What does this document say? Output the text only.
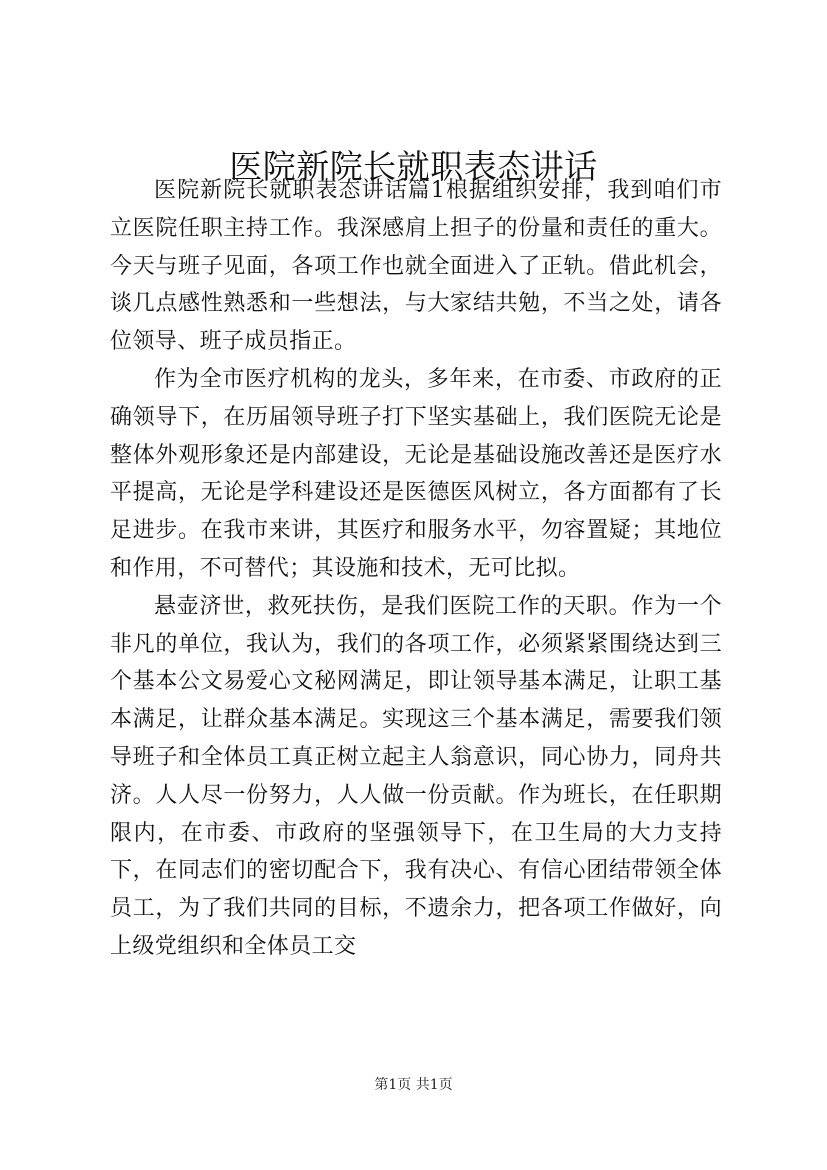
医院新院长就职表态讲话

医院新院长就职表态讲话篇1根据组织安排，我到咱们市立医院任职主持工作。我深感肩上担子的份量和责任的重大。今天与班子见面，各项工作也就全面进入了正轨。借此机会，谈几点感性熟悉和一些想法，与大家结共勉，不当之处，请各位领导、班子成员指正。

作为全市医疗机构的龙头，多年来，在市委、市政府的正确领导下，在历届领导班子打下坚实基础上，我们医院无论是整体外观形象还是内部建设，无论是基础设施改善还是医疗水平提高，无论是学科建设还是医德医风树立，各方面都有了长足进步。在我市来讲，其医疗和服务水平，勿容置疑；其地位和作用，不可替代；其设施和技术，无可比拟。

悬壶济世，救死扶伤，是我们医院工作的天职。作为一个非凡的单位，我认为，我们的各项工作，必须紧紧围绕达到三个基本公文易爱心文秘网满足，即让领导基本满足，让职工基本满足，让群众基本满足。实现这三个基本满足，需要我们领导班子和全体员工真正树立起主人翁意识，同心协力，同舟共济。人人尽一份努力，人人做一份贡献。作为班长，在任职期限内，在市委、市政府的坚强领导下，在卫生局的大力支持下，在同志们的密切配合下，我有决心、有信心团结带领全体员工，为了我们共同的目标，不遗余力，把各项工作做好，向上级党组织和全体员工交

第1页 共1页
